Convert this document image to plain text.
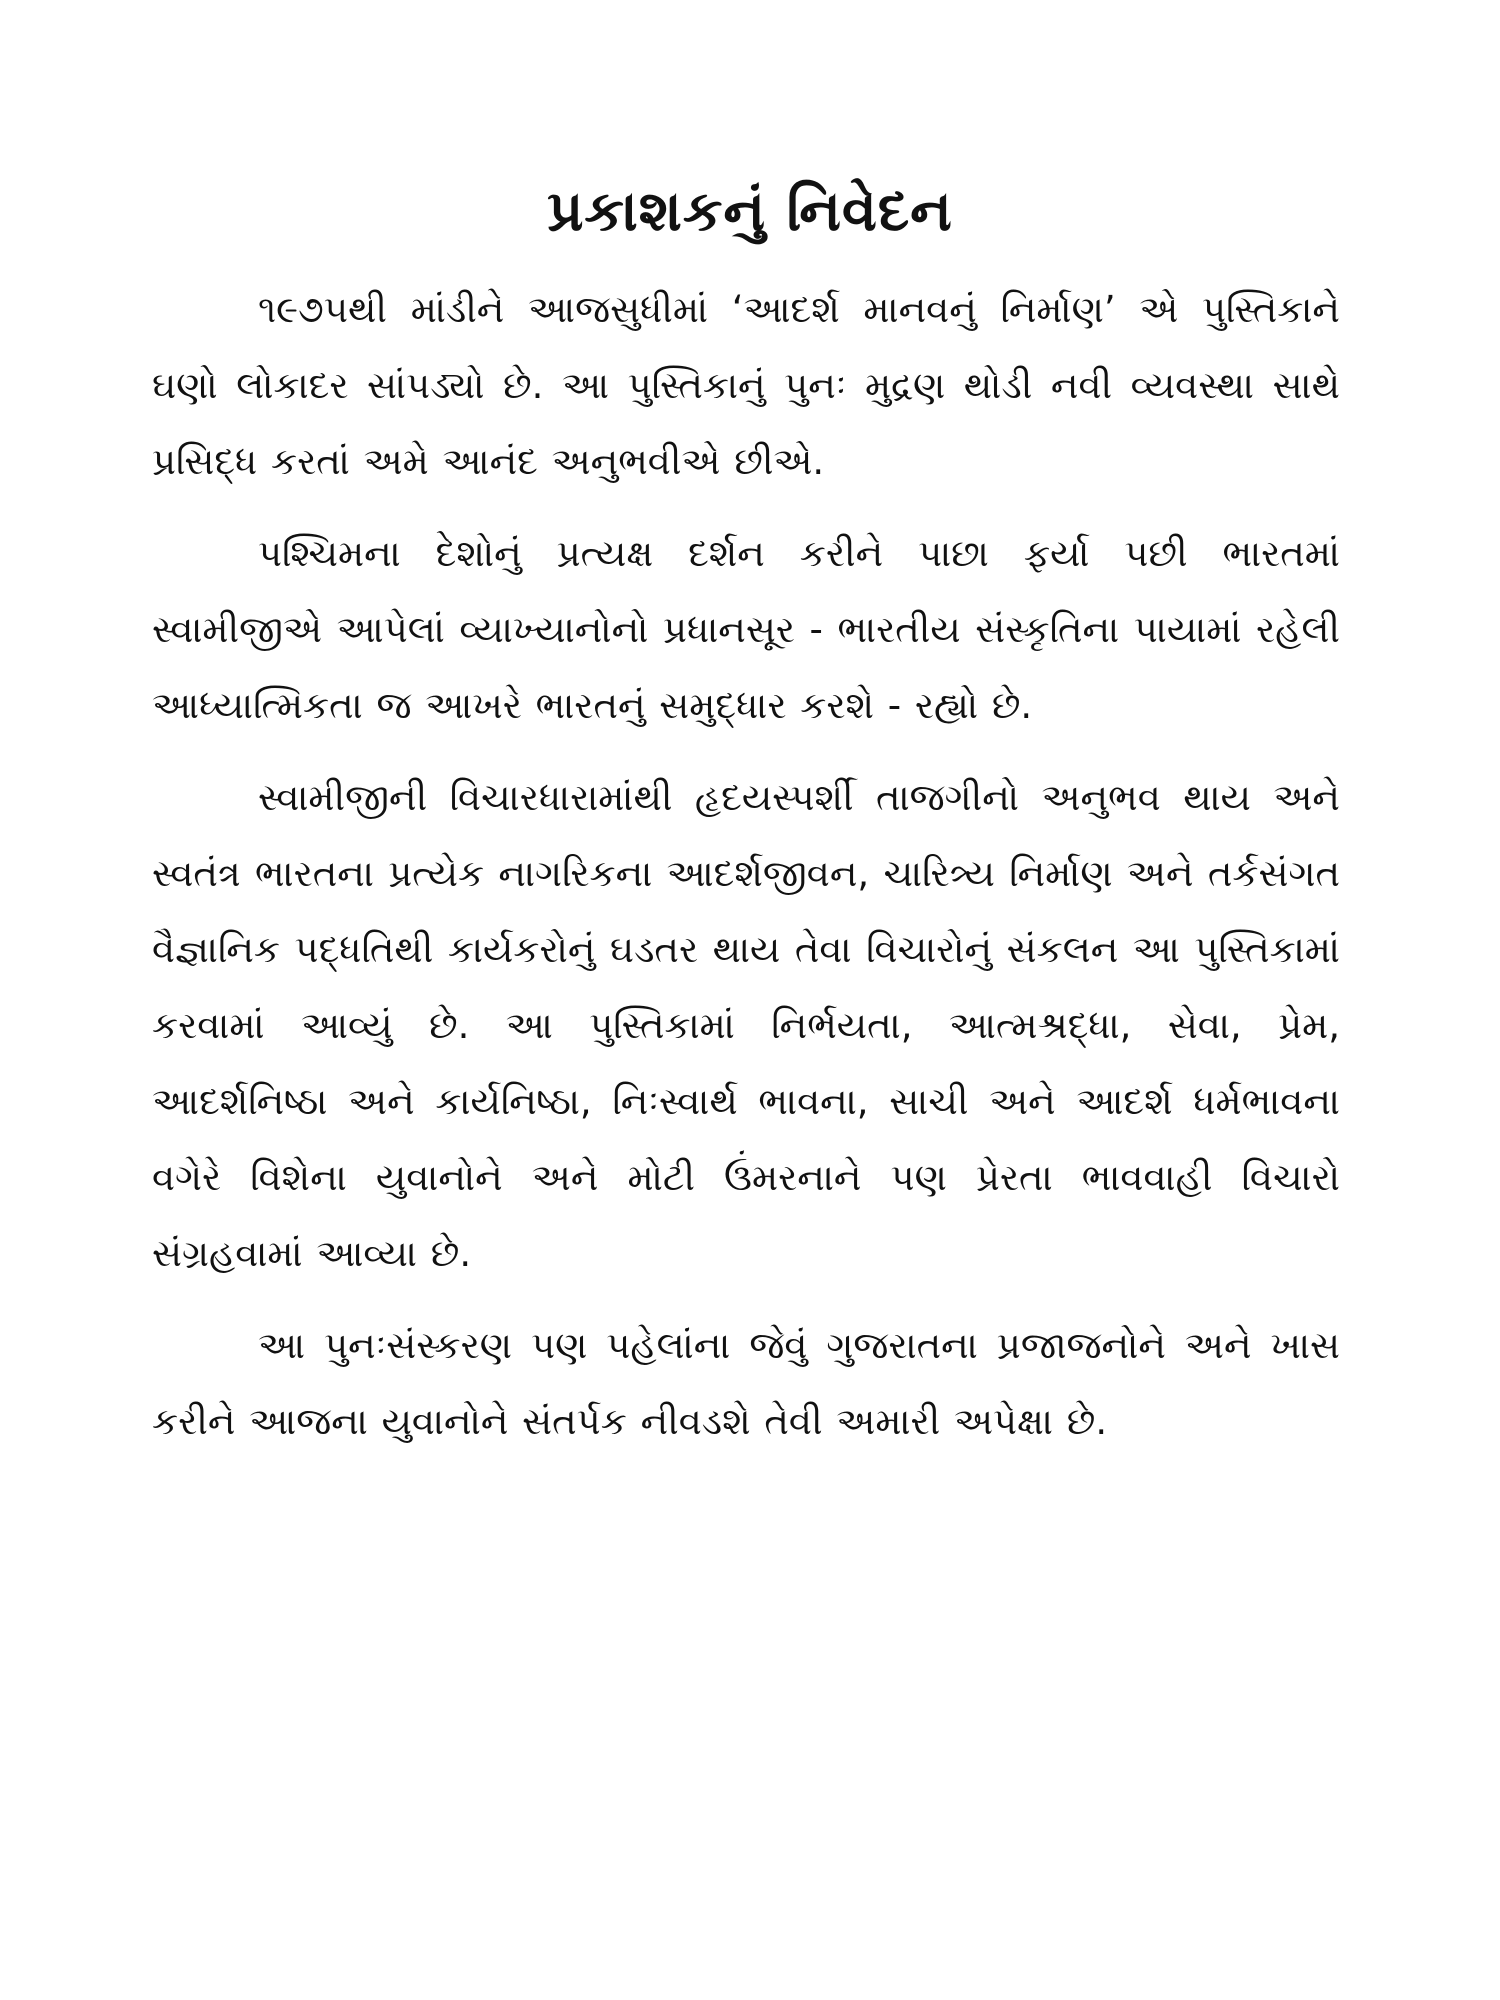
પ્રકાશકનું નિવેદન

૧૯૭૫થી માંડીને આજસુધીમાં ‘આદર્શ માનવનું નિર્માણ’ એ પુસ્તિકાને ઘણો લોકાદર સાંપડ્યો છે. આ પુસ્તિકાનું પુનઃ મુદ્રણ થોડી નવી વ્યવસ્થા સાથે પ્રસિદ્ધ કરતાં અમે આનંદ અનુભવીએ છીએ.

પશ્ચિમના દેશોનું પ્રત્યક્ષ દર્શન કરીને પાછા ફર્યા પછી ભારતમાં સ્વામીજીએ આપેલાં વ્યાખ્યાનોનો પ્રધાનસૂર - ભારતીય સંસ્કૃતિના પાયામાં રહેલી આધ્યાત્મિકતા જ આખરે ભારતનું સમુદ્ધાર કરશે - રહ્યો છે.

સ્વામીજીની વિચારધારામાંથી હૃદયસ્પર્શી તાજગીનો અનુભવ થાય અને સ્વતંત્ર ભારતના પ્રત્યેક નાગરિકના આદર્શજીવન, ચારિત્ર્ય નિર્માણ અને તર્કસંગત વૈજ્ઞાનિક પદ્ધતિથી કાર્યકરોનું ઘડતર થાય તેવા વિચારોનું સંકલન આ પુસ્તિકામાં કરવામાં આવ્યું છે. આ પુસ્તિકામાં નિર્ભયતા, આત્મશ્રદ્ધા, સેવા, પ્રેમ, આદર્શનિષ્ઠા અને કાર્યનિષ્ઠા, નિઃસ્વાર્થ ભાવના, સાચી અને આદર્શ ધર્મભાવના વગેરે વિશેના યુવાનોને અને મોટી ઉંમરનાને પણ પ્રેરતા ભાવવાહી વિચારો સંગ્રહવામાં આવ્યા છે.

આ પુનઃસંસ્કરણ પણ પહેલાંના જેવું ગુજરાતના પ્રજાજનોને અને ખાસ કરીને આજના યુવાનોને સંતર્પક નીવડશે તેવી અમારી અપેક્ષા છે.
